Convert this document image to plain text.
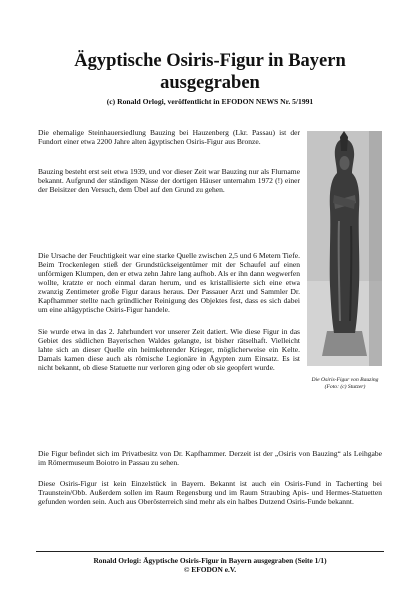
Ägyptische Osiris-Figur in Bayern ausgegraben

(c) Ronald Orlogi, veröffentlicht in EFODON NEWS Nr. 5/1991

Die ehemalige Steinhauersiedlung Bauzing bei Hauzenberg (Lkr. Passau) ist der Fundort einer etwa 2200 Jahre alten ägyptischen Osiris-Figur aus Bronze.

Bauzing besteht erst seit etwa 1939, und vor dieser Zeit war Bauzing nur als Flurname bekannt. Aufgrund der ständigen Nässe der dortigen Häuser unternahm 1972 (!) einer der Beisitzer den Versuch, dem Übel auf den Grund zu gehen.

Die Ursache der Feuchtigkeit war eine starke Quelle zwischen 2,5 und 6 Metern Tiefe. Beim Trockenlegen stieß der Grundstückseigentümer mit der Schaufel auf einen unförmigen Klumpen, den er etwa zehn Jahre lang aufhob. Als er ihn dann wegwerfen wollte, kratzte er noch einmal daran herum, und es kristallisierte sich eine etwa zwanzig Zentimeter große Figur daraus heraus. Der Passauer Arzt und Sammler Dr. Kapfhammer stellte nach gründlicher Reinigung des Objektes fest, dass es sich dabei um eine altägyptische Osiris-Figur handele.

Sie wurde etwa in das 2. Jahrhundert vor unserer Zeit datiert. Wie diese Figur in das Gebiet des südlichen Bayerischen Waldes gelangte, ist bisher rätselhaft. Vielleicht lahte sich an dieser Quelle ein heimkehrender Krieger, möglicherweise ein Kelte. Damals kamen diese auch als römische Legionäre in Ägypten zum Einsatz. Es ist nicht bekannt, ob diese Statuette nur verloren ging oder ob sie geopfert wurde.

Die Figur befindet sich im Privatbesitz von Dr. Kapfhammer. Derzeit ist der „Osiris von Bauzing“ als Leihgabe im Römermuseum Boiotro in Passau zu sehen.

Diese Osiris-Figur ist kein Einzelstück in Bayern. Bekannt ist auch ein Osiris-Fund in Tacherting bei Traunstein/Obb. Außerdem sollen im Raum Regensburg und im Raum Straubing Apis- und Hermes-Statuetten gefunden worden sein. Auch aus Oberösterreich sind mehr als ein halbes Dutzend Osiris-Funde bekannt.

Die Osiris-Figur von Bauzing
(Foto: (c) Stutzer)

Ronald Orlogi: Ägyptische Osiris-Figur in Bayern ausgegraben (Seite 1/1)
© EFODON e.V.
